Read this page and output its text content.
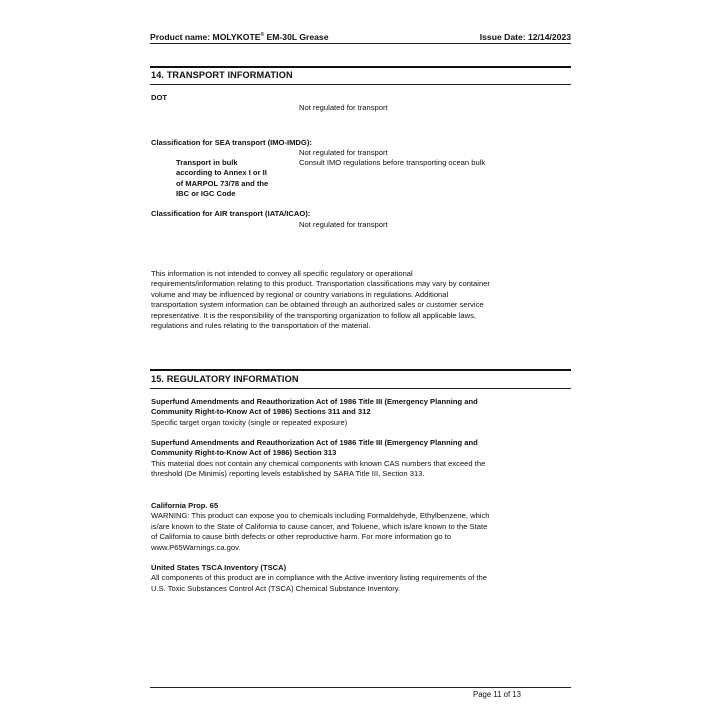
Product name: MOLYKOTE® EM-30L Grease	Issue Date: 12/14/2023
14. TRANSPORT INFORMATION
DOT
Not regulated for transport
Classification for SEA transport (IMO-IMDG):
Not regulated for transport
Transport in bulk
according to Annex I or II
of MARPOL 73/78 and the
IBC or IGC Code
Consult IMO regulations before transporting ocean bulk
Classification for AIR transport (IATA/ICAO):
Not regulated for transport
This information is not intended to convey all specific regulatory or operational
requirements/information relating to this product. Transportation classifications may vary by container
volume and may be influenced by regional or country variations in regulations. Additional
transportation system information can be obtained through an authorized sales or customer service
representative. It is the responsibility of the transporting organization to follow all applicable laws,
regulations and rules relating to the transportation of the material.
15. REGULATORY INFORMATION
Superfund Amendments and Reauthorization Act of 1986 Title III (Emergency Planning and
Community Right-to-Know Act of 1986) Sections 311 and 312
Specific target organ toxicity (single or repeated exposure)
Superfund Amendments and Reauthorization Act of 1986 Title III (Emergency Planning and
Community Right-to-Know Act of 1986) Section 313
This material does not contain any chemical components with known CAS numbers that exceed the
threshold (De Minimis) reporting levels established by SARA Title III, Section 313.
California Prop. 65
WARNING: This product can expose you to chemicals including Formaldehyde, Ethylbenzene, which
is/are known to the State of California to cause cancer, and Toluene, which is/are known to the State
of California to cause birth defects or other reproductive harm. For more information go to
www.P65Warnings.ca.gov.
United States TSCA Inventory (TSCA)
All components of this product are in compliance with the Active inventory listing requirements of the
U.S. Toxic Substances Control Act (TSCA) Chemical Substance Inventory.
Page 11 of 13
